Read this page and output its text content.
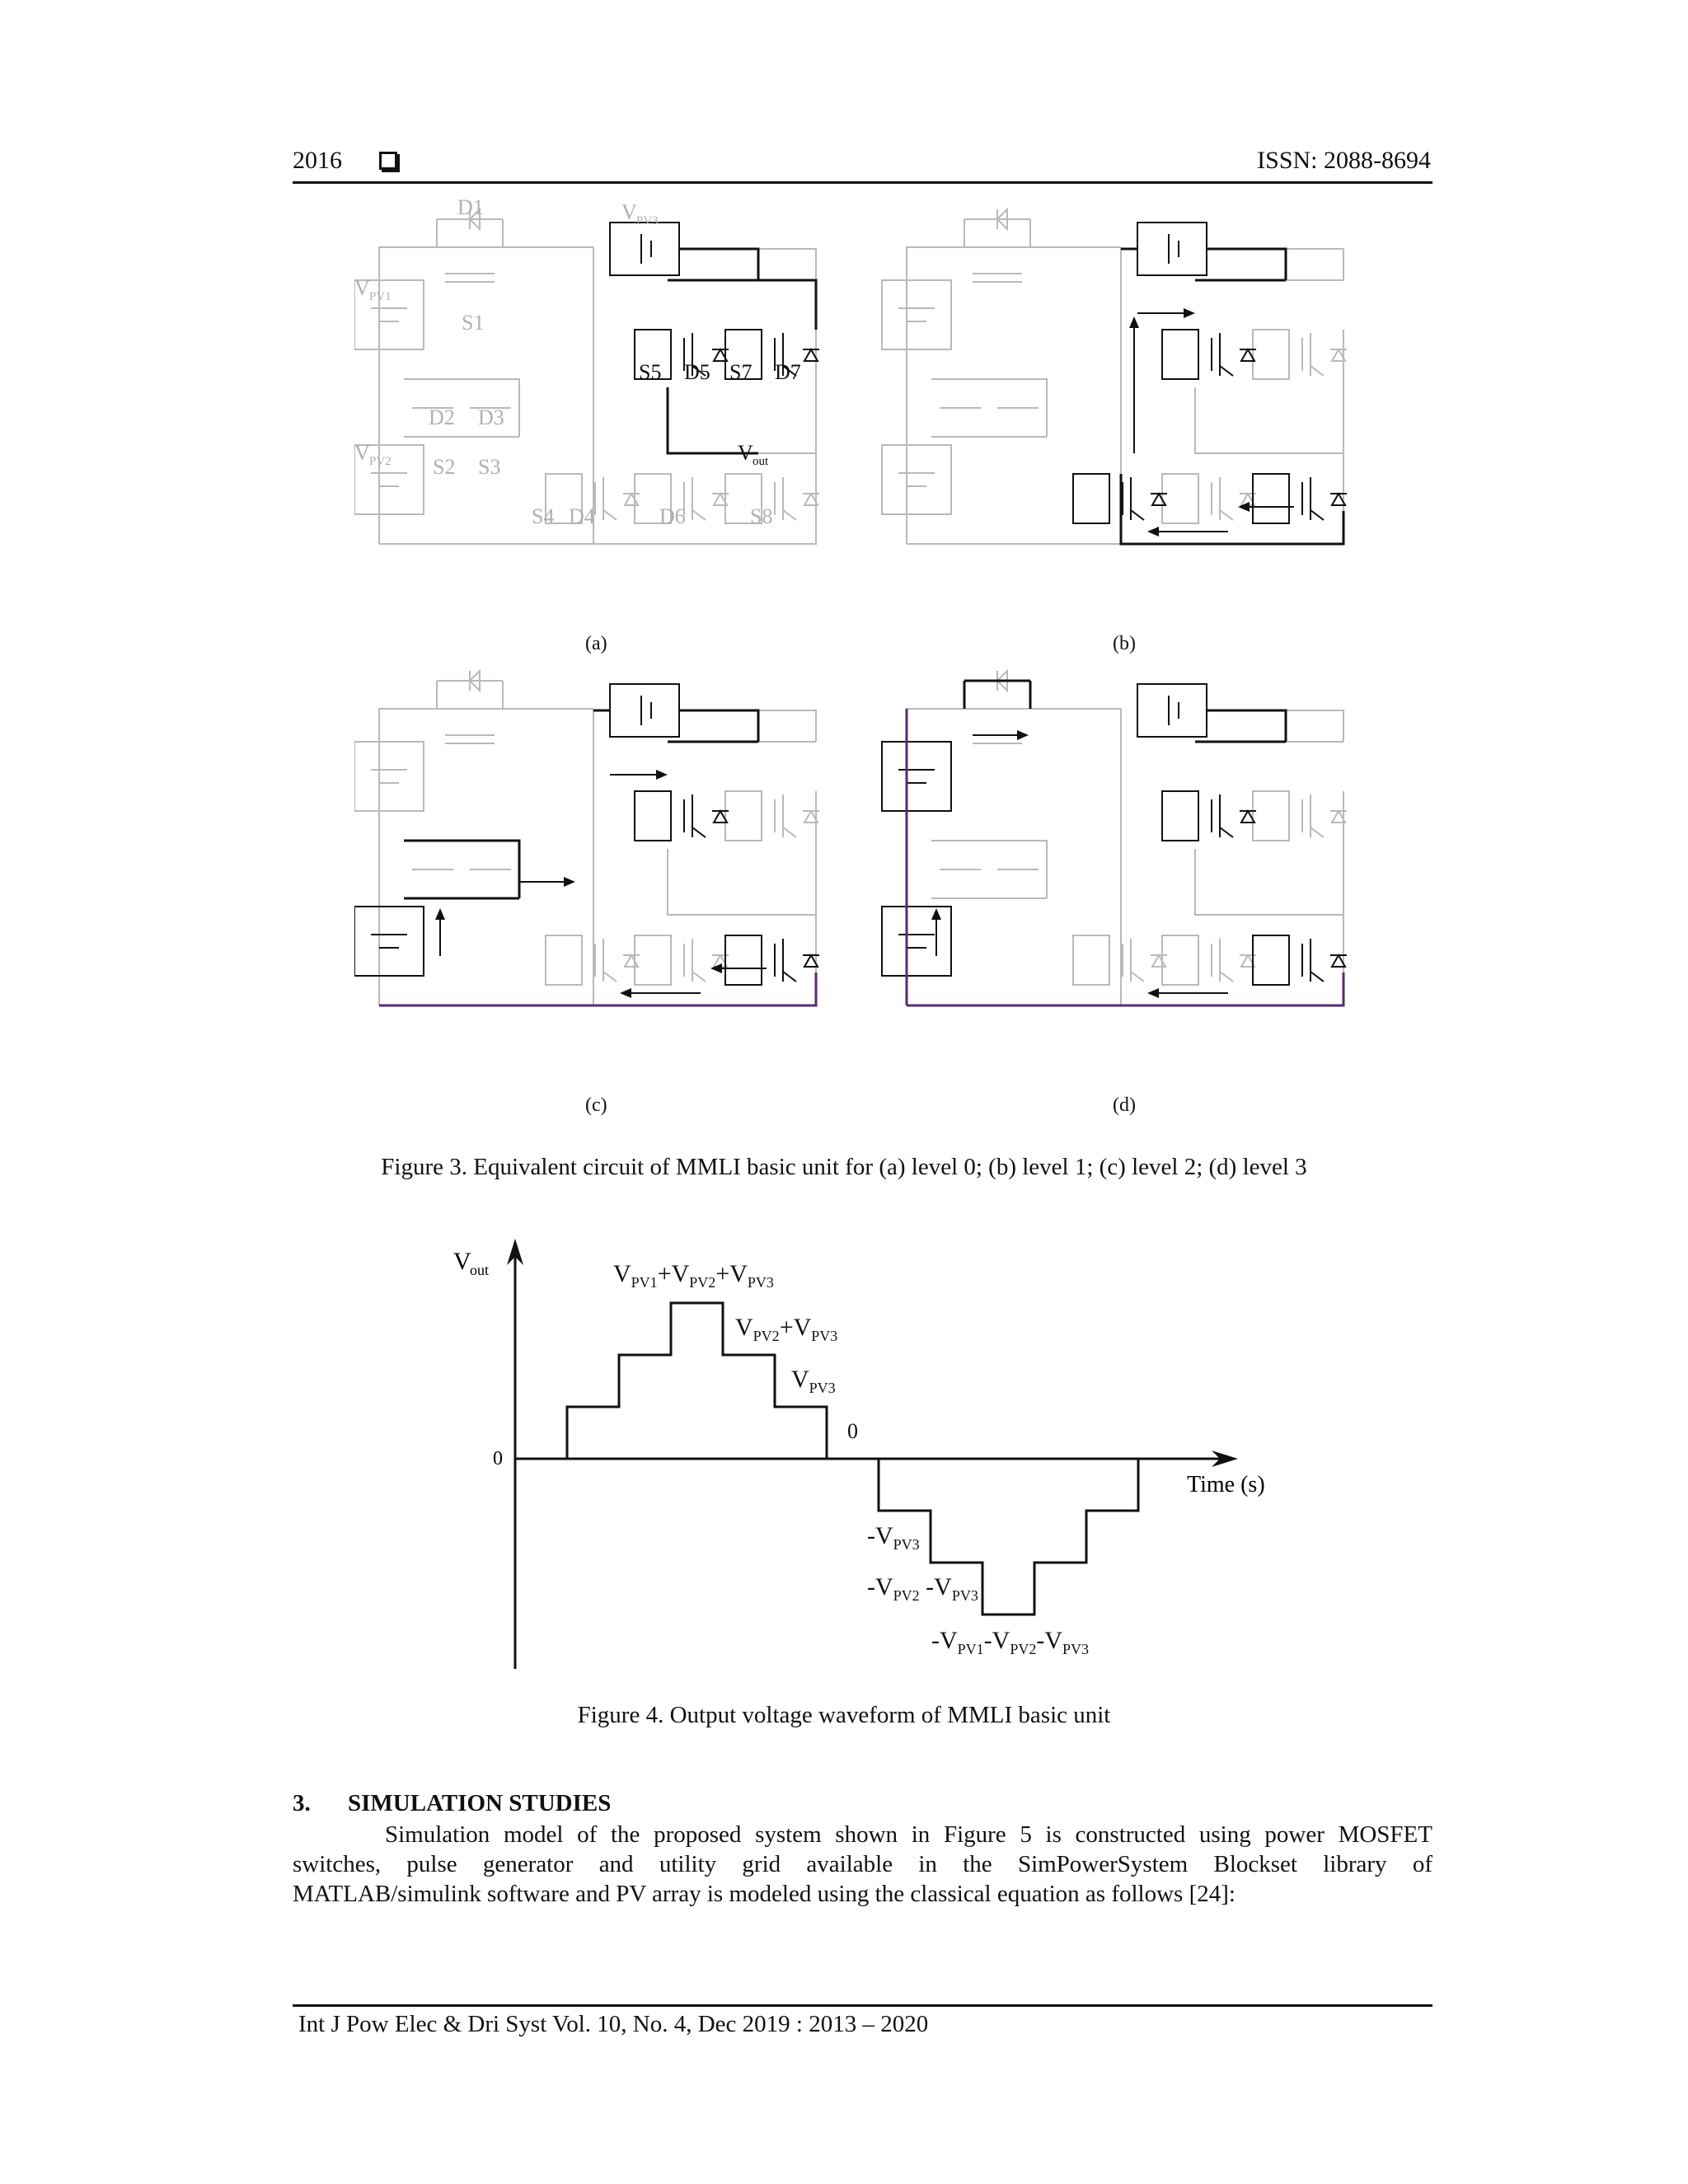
2016	ISSN: 2088-8694
V PV1
V PV2
V PV3
D1
S1
D2 D3
S2 S3
S4 D4	D6	S8
S5 D5 S7 D7
V out
(a)	(b)
(c)	(d)
Figure 3. Equivalent circuit of MMLI basic unit for (a) level 0; (b) level 1; (c) level 2; (d) level 3
V
out
0
Time (s)
$V_{PV1}+V_{PV2}+V_{PV3}$
$V_{PV2}+V_{PV3}$
$V_{PV3}$
0
$-V_{PV3}$
$-V_{PV2}$ $-V_{PV3}$
$-V_{PV1}-V_{PV2}-V_{PV3}$
Figure 4. Output voltage waveform of MMLI basic unit
3. SIMULATION STUDIES
Simulation model of the proposed system shown in Figure 5 is constructed using power MOSFET
switches, pulse generator and utility grid available in the SimPowerSystem Blockset library of
MATLAB/simulink software and PV array is modeled using the classical equation as follows [24]:
Int J Pow Elec & Dri Syst Vol. 10, No. 4, Dec 2019 : 2013 – 2020
